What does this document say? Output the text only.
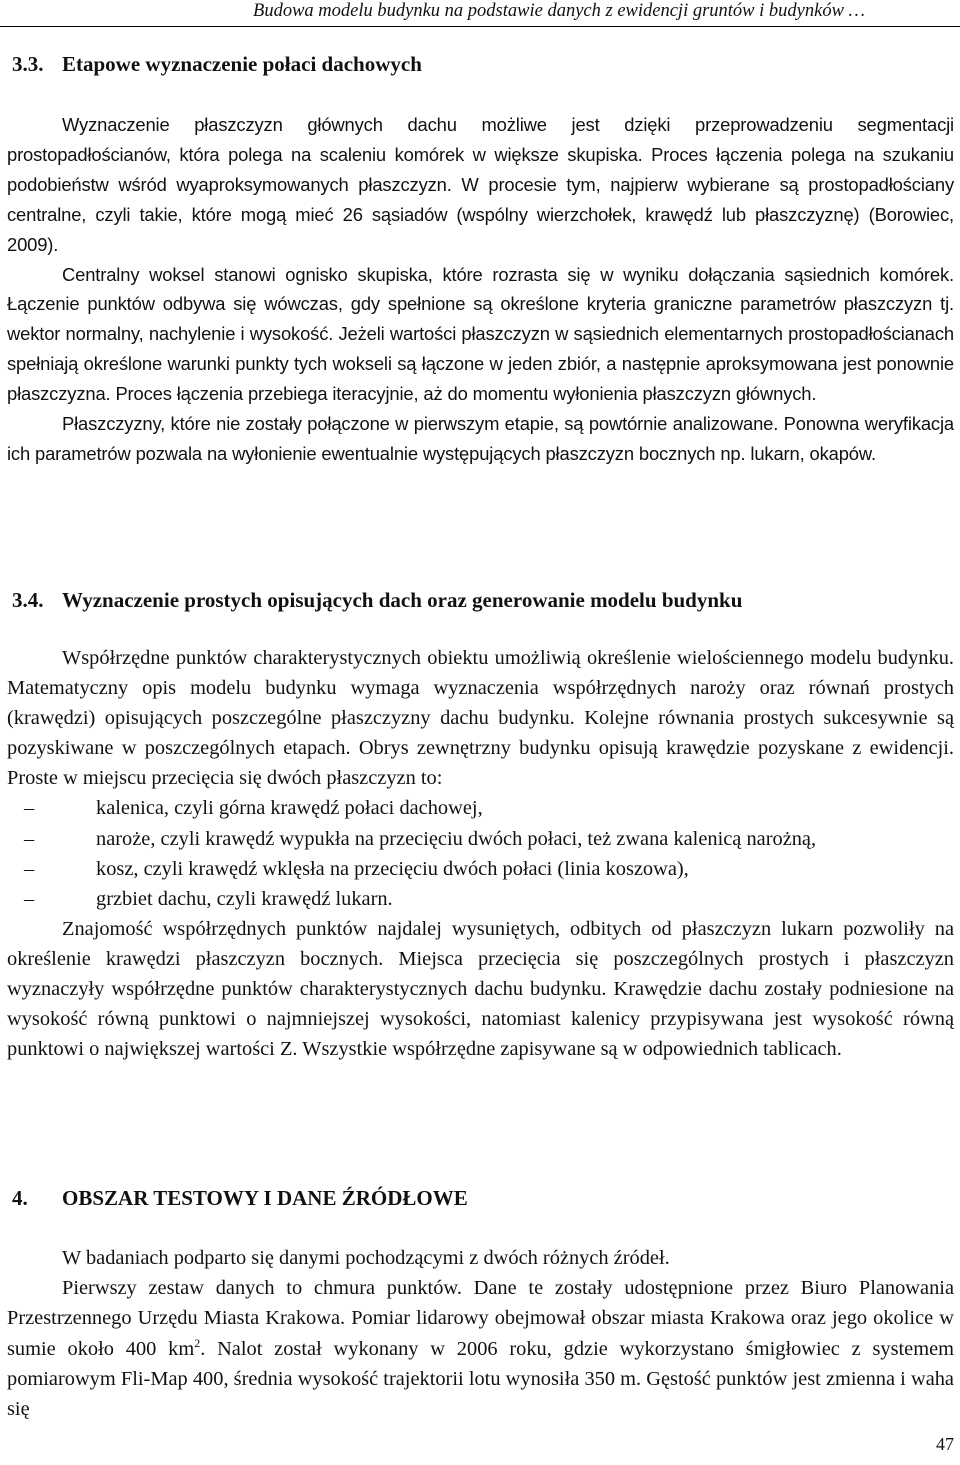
Budowa modelu budynku na podstawie danych z ewidencji gruntów i budynków …
3.3. Etapowe wyznaczenie połaci dachowych

Wyznaczenie płaszczyzn głównych dachu możliwe jest dzięki przeprowadzeniu segmentacji prostopadłościanów, która polega na scaleniu komórek w większe skupiska. Proces łączenia polega na szukaniu podobieństw wśród wyaproksymowanych płaszczyzn. W procesie tym, najpierw wybierane są prostopadłościany centralne, czyli takie, które mogą mieć 26 sąsiadów (wspólny wierzchołek, krawędź lub płaszczyznę) (Borowiec, 2009).

Centralny woksel stanowi ognisko skupiska, które rozrasta się w wyniku dołączania sąsiednich komórek. Łączenie punktów odbywa się wówczas, gdy spełnione są określone kryteria graniczne parametrów płaszczyzn tj. wektor normalny, nachylenie i wysokość. Jeżeli wartości płaszczyzn w sąsiednich elementarnych prostopadłościanach spełniają określone warunki punkty tych wokseli są łączone w jeden zbiór, a następnie aproksymowana jest ponownie płaszczyzna. Proces łączenia przebiega iteracyjnie, aż do momentu wyłonienia płaszczyzn głównych.

Płaszczyzny, które nie zostały połączone w pierwszym etapie, są powtórnie analizowane. Ponowna weryfikacja ich parametrów pozwala na wyłonienie ewentualnie występujących płaszczyzn bocznych np. lukarn, okapów.

3.4. Wyznaczenie prostych opisujących dach oraz generowanie modelu budynku

Współrzędne punktów charakterystycznych obiektu umożliwią określenie wielościennego modelu budynku. Matematyczny opis modelu budynku wymaga wyznaczenia współrzędnych naroży oraz równań prostych (krawędzi) opisujących poszczególne płaszczyzny dachu budynku. Kolejne równania prostych sukcesywnie są pozyskiwane w poszczególnych etapach. Obrys zewnętrzny budynku opisują krawędzie pozyskane z ewidencji. Proste w miejscu przecięcia się dwóch płaszczyzn to:

–	kalenica, czyli górna krawędź połaci dachowej,
–	naroże, czyli krawędź wypukła na przecięciu dwóch połaci, też zwana kalenicą narożną,
–	kosz, czyli krawędź wklęsła na przecięciu dwóch połaci (linia koszowa),
–	grzbiet dachu, czyli krawędź lukarn.

Znajomość współrzędnych punktów najdalej wysuniętych, odbitych od płaszczyzn lukarn pozwoliły na określenie krawędzi płaszczyzn bocznych. Miejsca przecięcia się poszczególnych prostych i płaszczyzn wyznaczyły współrzędne punktów charakterystycznych dachu budynku. Krawędzie dachu zostały podniesione na wysokość równą punktowi o najmniejszej wysokości, natomiast kalenicy przypisywana jest wysokość równą punktowi o największej wartości Z. Wszystkie współrzędne zapisywane są w odpowiednich tablicach.

4. OBSZAR TESTOWY I DANE ŹRÓDŁOWE

W badaniach podparto się danymi pochodzącymi z dwóch różnych źródeł.

Pierwszy zestaw danych to chmura punktów. Dane te zostały udostępnione przez Biuro Planowania Przestrzennego Urzędu Miasta Krakowa. Pomiar lidarowy obejmował obszar miasta Krakowa oraz jego okolice w sumie około 400 $km^2$. Nalot został wykonany w 2006 roku, gdzie wykorzystano śmigłowiec z systemem pomiarowym Fli-Map 400, średnia wysokość trajektorii lotu wynosiła 350 m. Gęstość punktów jest zmienna i waha się

47
